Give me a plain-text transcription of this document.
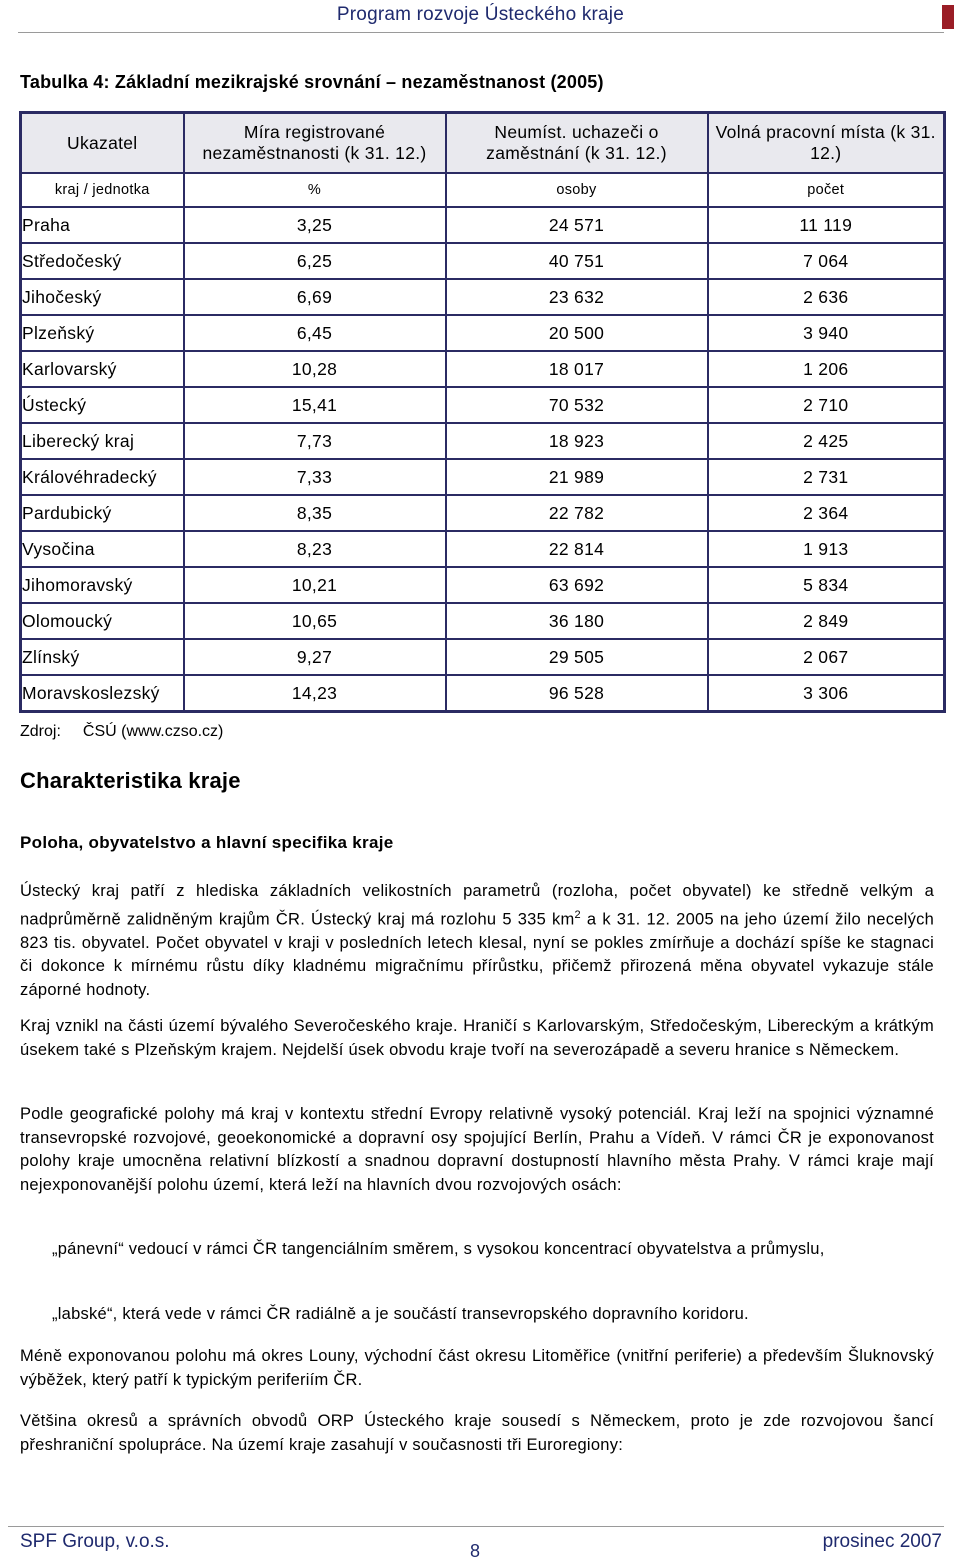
Program rozvoje Ústeckého kraje
Tabulka 4: Základní mezikrajské srovnání – nezaměstnanost (2005)
Ukazatel	Míra registrované nezaměstnanosti (k 31. 12.)	Neumíst. uchazeči o zaměstnání (k 31. 12.)	Volná pracovní místa (k 31. 12.)
kraj / jednotka	%	osoby	počet
Praha	3,25	24 571	11 119
Středočeský	6,25	40 751	7 064
Jihočeský	6,69	23 632	2 636
Plzeňský	6,45	20 500	3 940
Karlovarský	10,28	18 017	1 206
Ústecký	15,41	70 532	2 710
Liberecký kraj	7,73	18 923	2 425
Královéhradecký	7,33	21 989	2 731
Pardubický	8,35	22 782	2 364
Vysočina	8,23	22 814	1 913
Jihomoravský	10,21	63 692	5 834
Olomoucký	10,65	36 180	2 849
Zlínský	9,27	29 505	2 067
Moravskoslezský	14,23	96 528	3 306
Zdroj: ČSÚ (www.czso.cz)
Charakteristika kraje
Poloha, obyvatelstvo a hlavní specifika kraje
Ústecký kraj patří z hlediska základních velikostních parametrů (rozloha, počet obyvatel) ke středně velkým a nadprůměrně zalidněným krajům ČR. Ústecký kraj má rozlohu 5 335 $km^2$ a k 31. 12. 2005 na jeho území žilo necelých 823 tis. obyvatel. Počet obyvatel v kraji v posledních letech klesal, nyní se pokles zmírňuje a dochází spíše ke stagnaci či dokonce k mírnému růstu díky kladnému migračnímu přírůstku, přičemž přirozená měna obyvatel vykazuje stále záporné hodnoty.
Kraj vznikl na části území bývalého Severočeského kraje. Hraničí s Karlovarským, Středočeským, Libereckým a krátkým úsekem také s Plzeňským krajem. Nejdelší úsek obvodu kraje tvoří na severozápadě a severu hranice s Německem.
Podle geografické polohy má kraj v kontextu střední Evropy relativně vysoký potenciál. Kraj leží na spojnici významné transevropské rozvojové, geoekonomické a dopravní osy spojující Berlín, Prahu a Vídeň. V rámci ČR je exponovanost polohy kraje umocněna relativní blízkostí a snadnou dopravní dostupností hlavního města Prahy. V rámci kraje mají nejexponovanější polohu území, která leží na hlavních dvou rozvojových osách:
„pánevní“ vedoucí v rámci ČR tangenciálním směrem, s vysokou koncentrací obyvatelstva a průmyslu,
„labské“, která vede v rámci ČR radiálně a je součástí transevropského dopravního koridoru.
Méně exponovanou polohu má okres Louny, východní část okresu Litoměřice (vnitřní periferie) a především Šluknovský výběžek, který patří k typickým periferiím ČR.
Většina okresů a správních obvodů ORP Ústeckého kraje sousedí s Německem, proto je zde rozvojovou šancí přeshraniční spolupráce. Na území kraje zasahují v současnosti tři Euroregiony:
SPF Group, v.o.s.	8	prosinec 2007
